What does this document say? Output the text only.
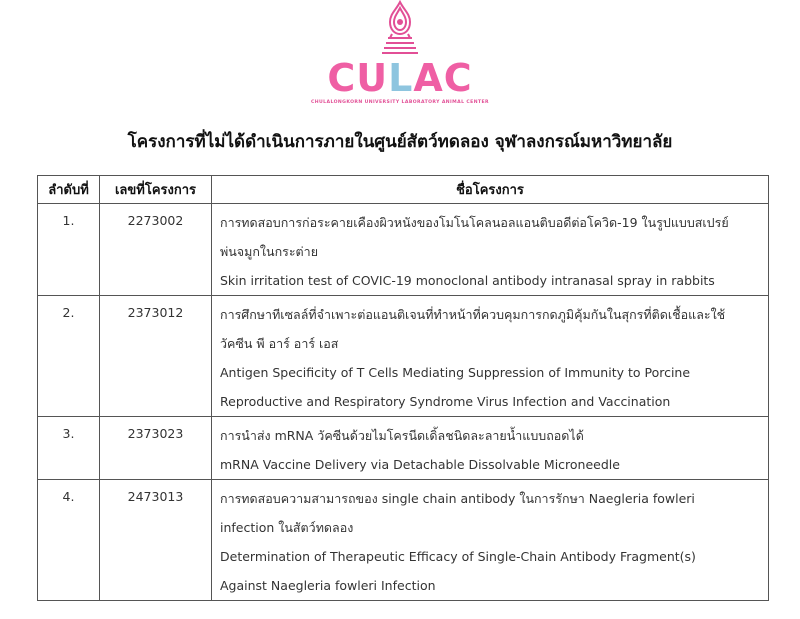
CULAC
CHULALONGKORN UNIVERSITY LABORATORY ANIMAL CENTER
โครงการที่ไม่ได้ดำเนินการภายในศูนย์สัตว์ทดลอง จุฬาลงกรณ์มหาวิทยาลัย
ลำดับที่	เลขที่โครงการ	ชื่อโครงการ
1.	2273002	การทดสอบการก่อระคายเคืองผิวหนังของโมโนโคลนอลแอนติบอดีต่อโควิด-19 ในรูปแบบสเปรย์
พ่นจมูกในกระต่าย
Skin irritation test of COVIC-19 monoclonal antibody intranasal spray in rabbits

2.	2373012	การศึกษาทีเซลล์ที่จำเพาะต่อแอนติเจนที่ทำหน้าที่ควบคุมการกดภูมิคุ้มกันในสุกรที่ติดเชื้อและใช้
วัคซีน พี อาร์ อาร์ เอส
Antigen Specificity of T Cells Mediating Suppression of Immunity to Porcine
Reproductive and Respiratory Syndrome Virus Infection and Vaccination

3.	2373023	การนำส่ง mRNA วัคซีนด้วยไมโครนีดเดิ้ลชนิดละลายน้ำแบบถอดได้
mRNA Vaccine Delivery via Detachable Dissolvable Microneedle

4.	2473013	การทดสอบความสามารถของ single chain antibody ในการรักษา Naegleria fowleri
infection ในสัตว์ทดลอง
Determination of Therapeutic Efficacy of Single-Chain Antibody Fragment(s)
Against Naegleria fowleri Infection
